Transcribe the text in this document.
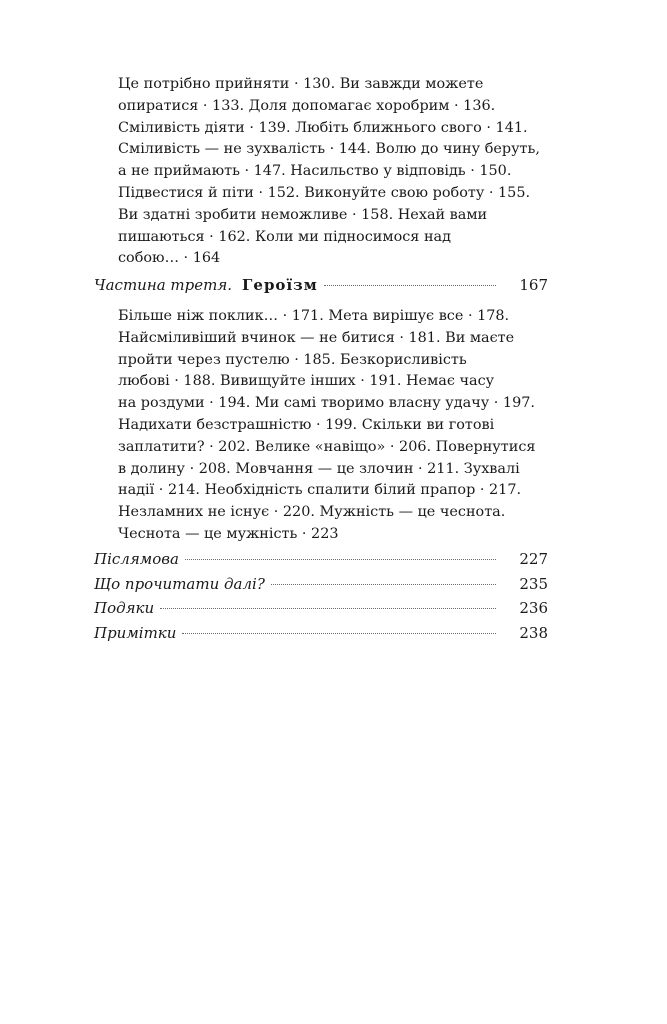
Це потрібно прийняти · 130. Ви завжди можете
опиратися · 133. Доля допомагає хоробрим · 136.
Сміливість діяти · 139. Любіть ближнього свого · 141.
Сміливість — не зухвалість · 144. Волю до чину беруть,
а не приймають · 147. Насильство у відповідь · 150.
Підвестися й піти · 152. Виконуйте свою роботу · 155.
Ви здатні зробити неможливе · 158. Нехай вами
пишаються · 162. Коли ми підносимося над
собою… · 164
Частина третя. Героїзм	167
Більше ніж поклик… · 171. Мета вирішує все · 178.
Найсміливіший вчинок — не битися · 181. Ви маєте
пройти через пустелю · 185. Безкорисливість
любові · 188. Вивищуйте інших · 191. Немає часу
на роздуми · 194. Ми самі творимо власну удачу · 197.
Надихати безстрашністю · 199. Скільки ви готові
заплатити? · 202. Велике «навіщо» · 206. Повернутися
в долину · 208. Мовчання — це злочин · 211. Зухвалі
надії · 214. Необхідність спалити білий прапор · 217.
Незламних не існує · 220. Мужність — це чеснота.
Чеснота — це мужність · 223
Післямова	227
Що прочитати далі?	235
Подяки	236
Примітки	238
